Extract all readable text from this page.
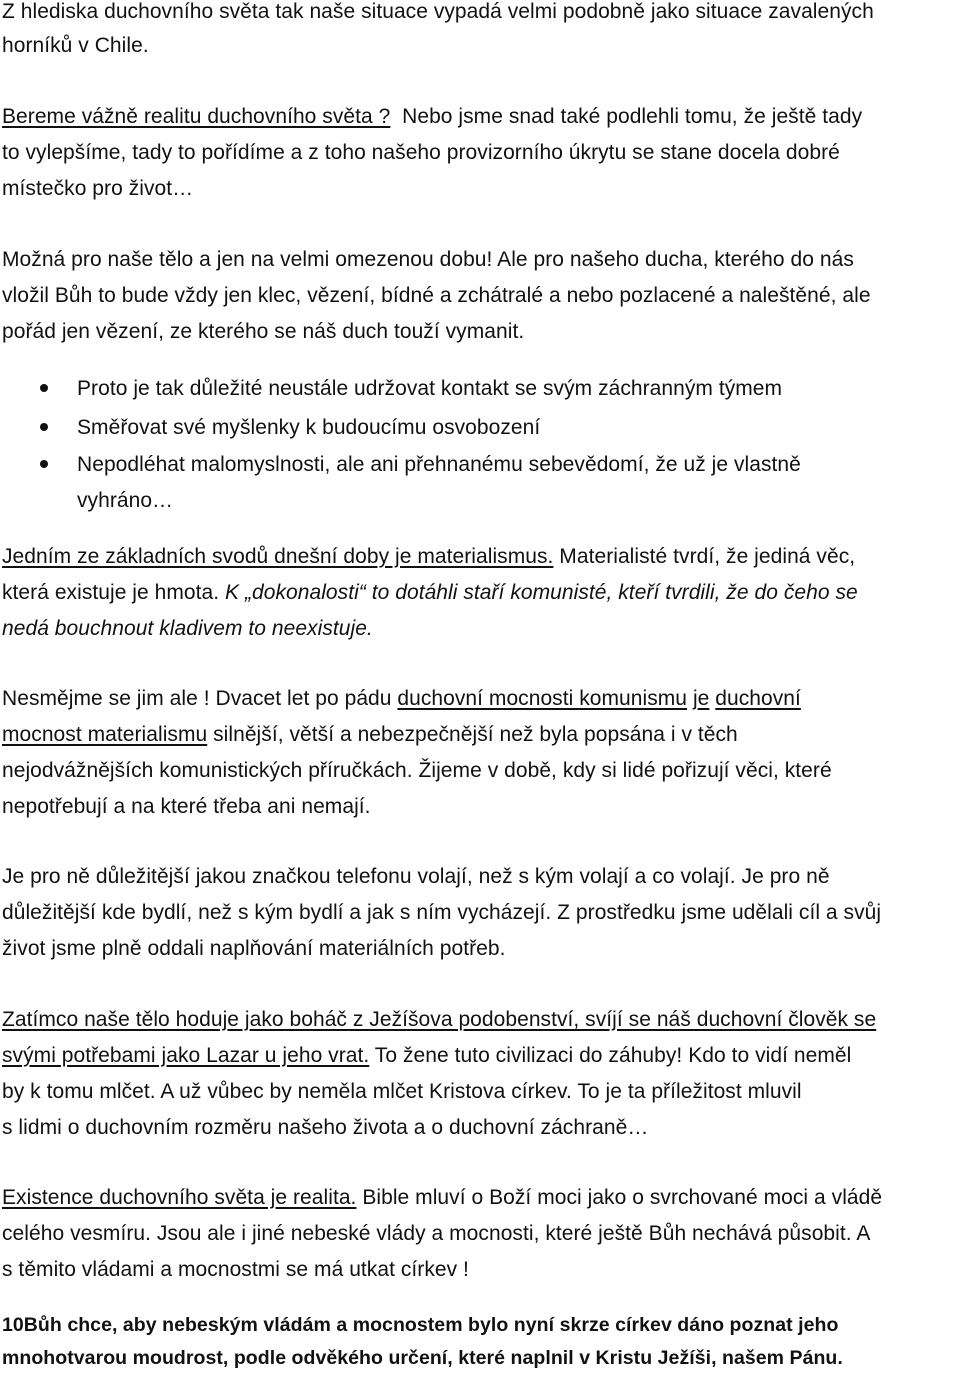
Z hlediska duchovního světa tak naše situace vypadá velmi podobně jako situace zavalených
horníků v Chile.
Bereme vážně realitu duchovního světa ?  Nebo jsme snad také podlehli tomu, že ještě tady
to vylepšíme, tady to pořídíme a z toho našeho provizorního úkrytu se stane docela dobré
místečko pro život…
Možná pro naše tělo a jen na velmi omezenou dobu! Ale pro našeho ducha, kterého do nás
vložil Bůh to bude vždy jen klec, vězení, bídné a zchátralé a nebo pozlacené a naleštěné, ale
pořád jen vězení, ze kterého se náš duch touží vymanit.
Proto je tak důležité neustále udržovat kontakt se svým záchranným týmem
Směřovat své myšlenky k budoucímu osvobození
Nepodléhat malomyslnosti, ale ani přehnanému sebevědomí, že už je vlastně
vyhráno…
Jedním ze základních svodů dnešní doby je materialismus. Materialisté tvrdí, že jediná věc,
která existuje je hmota. K „dokonalosti“ to dotáhli staří komunisté, kteří tvrdili, že do čeho se
nedá bouchnout kladivem to neexistuje.
Nesmějme se jim ale ! Dvacet let po pádu duchovní mocnosti komunismu je duchovní
mocnost materialismu silnější, větší a nebezpečnější než byla popsána i v těch
nejodvážnějších komunistických příručkách. Žijeme v době, kdy si lidé pořizují věci, které
nepotřebují a na které třeba ani nemají.
Je pro ně důležitější jakou značkou telefonu volají, než s kým volají a co volají. Je pro ně
důležitější kde bydlí, než s kým bydlí a jak s ním vycházejí. Z prostředku jsme udělali cíl a svůj
život jsme plně oddali naplňování materiálních potřeb.
Zatímco naše tělo hoduje jako boháč z Ježíšova podobenství, svíjí se náš duchovní člověk se
svými potřebami jako Lazar u jeho vrat. To žene tuto civilizaci do záhuby! Kdo to vidí neměl
by k tomu mlčet. A už vůbec by neměla mlčet Kristova církev. To je ta příležitost mluvil
s lidmi o duchovním rozměru našeho života a o duchovní záchraně…
Existence duchovního světa je realita. Bible mluví o Boží moci jako o svrchované moci a vládě
celého vesmíru. Jsou ale i jiné nebeské vlády a mocnosti, které ještě Bůh nechává působit. A
s těmito vládami a mocnostmi se má utkat církev !
10Bůh chce, aby nebeským vládám a mocnostem bylo nyní skrze církev dáno poznat jeho
mnohotvarou moudrost, podle odvěkého určení, které naplnil v Kristu Ježíši, našem Pánu.
